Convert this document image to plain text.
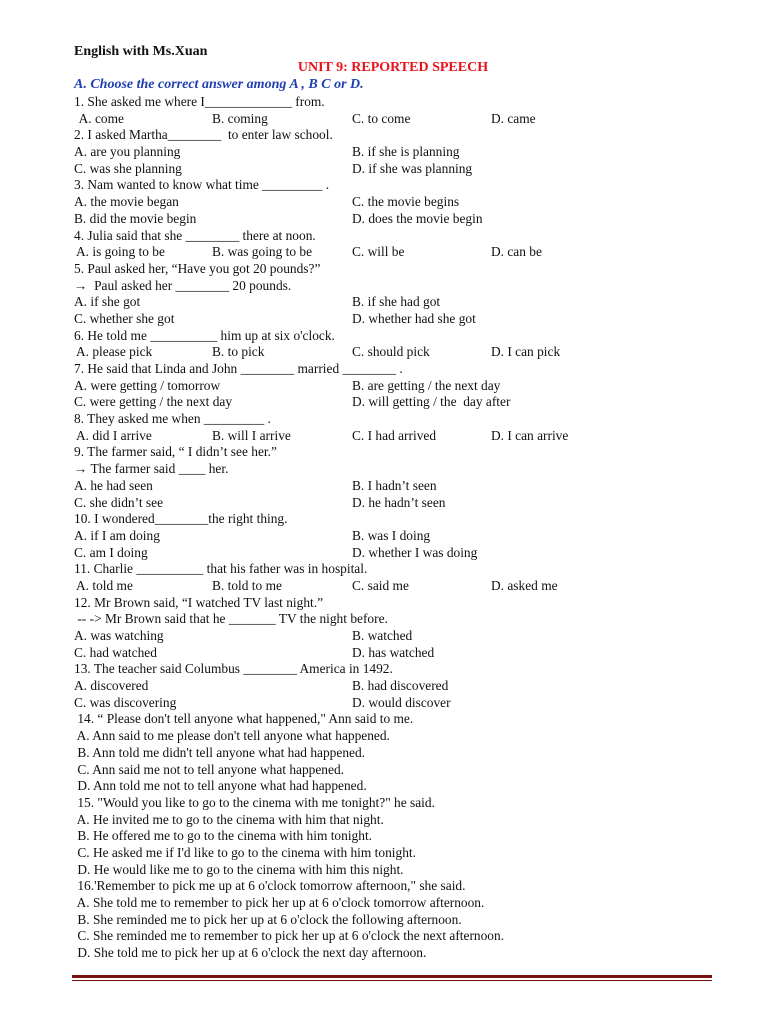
English with Ms.Xuan
UNIT 9: REPORTED SPEECH
A. Choose the correct answer among A , B C or D.
1. She asked me where I_____________ from.
A. come	B. coming	C. to come	D. came
2. I asked Martha________  to enter law school.
A. are you planning	B. if she is planning
C. was she planning	D. if she was planning
3. Nam wanted to know what time _________ .
A. the movie began	C. the movie begins
B. did the movie begin	D. does the movie begin
4. Julia said that she ________ there at noon.
A. is going to be	B. was going to be	C. will be	D. can be
5. Paul asked her, “Have you got 20 pounds?”
→  Paul asked her ________ 20 pounds.
A. if she got	B. if she had got
C. whether she got	D. whether had she got
6. He told me __________ him up at six o'clock.
A. please pick	B. to pick	C. should pick	D. I can pick
7. He said that Linda and John ________ married ________ .
A. were getting / tomorrow	B. are getting / the next day
C. were getting / the next day	D. will getting / the  day after
8. They asked me when _________ .
A. did I arrive	B. will I arrive	C. I had arrived	D. I can arrive
9. The farmer said, “ I didn’t see her.”
→ The farmer said ____ her.
A. he had seen	B. I hadn’t seen
C. she didn’t see	D. he hadn’t seen
10. I wondered________the right thing.
A. if I am doing	B. was I doing
C. am I doing	D. whether I was doing
11. Charlie __________ that his father was in hospital.
A. told me	B. told to me	C. said me	D. asked me
12. Mr Brown said, “I watched TV last night.”
-- -> Mr Brown said that he _______ TV the night before.
A. was watching	B. watched
C. had watched	D. has watched
13. The teacher said Columbus ________ America in 1492.
A. discovered	B. had discovered
C. was discovering	D. would discover
14. “ Please don't tell anyone what happened," Ann said to me.
A. Ann said to me please don't tell anyone what happened.
B. Ann told me didn't tell anyone what had happened.
C. Ann said me not to tell anyone what happened.
D. Ann told me not to tell anyone what had happened.
15. "Would you like to go to the cinema with me tonight?" he said.
A. He invited me to go to the cinema with him that night.
B. He offered me to go to the cinema with him tonight.
C. He asked me if I'd like to go to the cinema with him tonight.
D. He would like me to go to the cinema with him this night.
16.'Remember to pick me up at 6 o'clock tomorrow afternoon," she said.
A. She told me to remember to pick her up at 6 o'clock tomorrow afternoon.
B. She reminded me to pick her up at 6 o'clock the following afternoon.
C. She reminded me to remember to pick her up at 6 o'clock the next afternoon.
D. She told me to pick her up at 6 o'clock the next day afternoon.
